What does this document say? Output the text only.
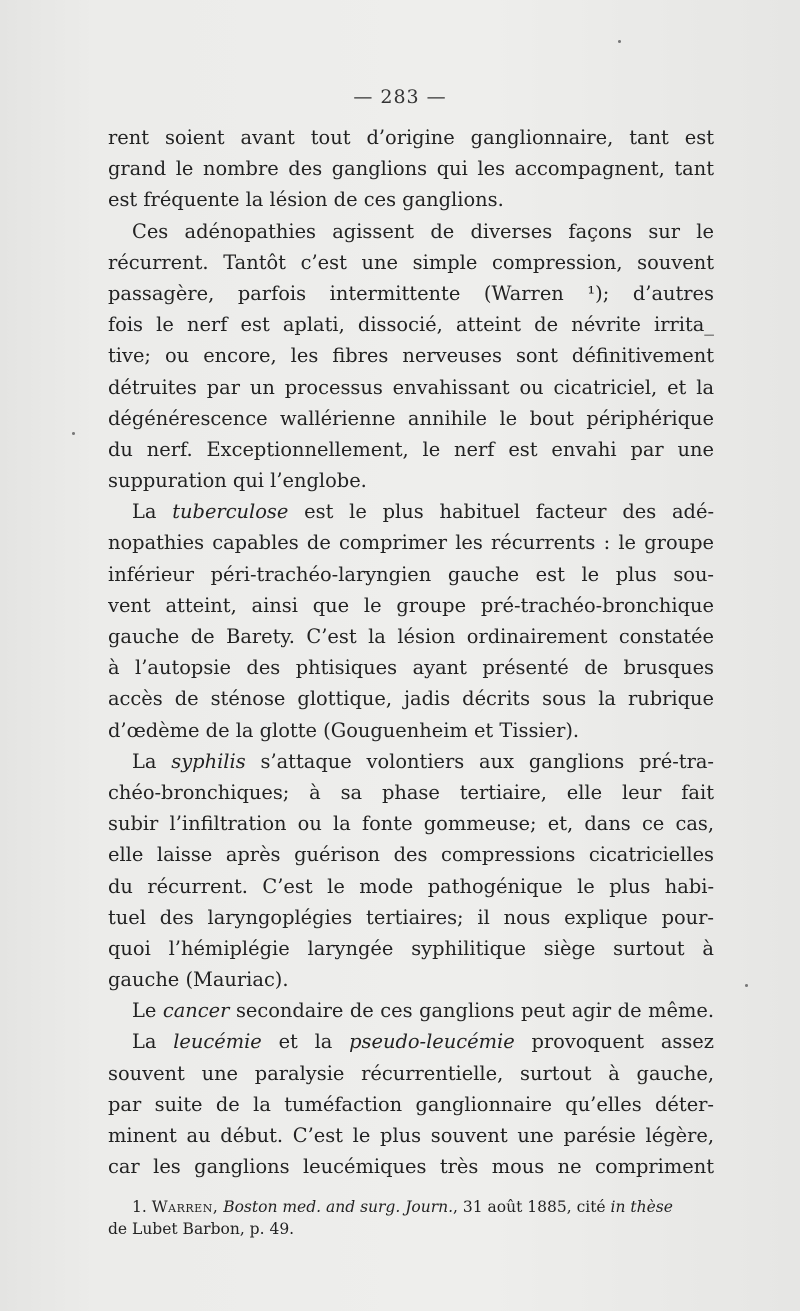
— 283 —
rent soient avant tout d’origine ganglionnaire, tant est
grand le nombre des ganglions qui les accompagnent, tant
est fréquente la lésion de ces ganglions.
Ces adénopathies agissent de diverses façons sur le
récurrent. Tantôt c’est une simple compression, souvent
passagère, parfois intermittente (Warren ¹); d’autres
fois le nerf est aplati, dissocié, atteint de névrite irrita_
tive; ou encore, les fibres nerveuses sont définitivement
détruites par un processus envahissant ou cicatriciel, et la
dégénérescence wallérienne annihile le bout périphérique
du nerf. Exceptionnellement, le nerf est envahi par une
suppuration qui l’englobe.
La tuberculose est le plus habituel facteur des adé-
nopathies capables de comprimer les récurrents : le groupe
inférieur péri-trachéo-laryngien gauche est le plus sou-
vent atteint, ainsi que le groupe pré-trachéo-bronchique
gauche de Barety. C’est la lésion ordinairement constatée
à l’autopsie des phtisiques ayant présenté de brusques
accès de sténose glottique, jadis décrits sous la rubrique
d’œdème de la glotte (Gouguenheim et Tissier).
La syphilis s’attaque volontiers aux ganglions pré-tra-
chéo-bronchiques; à sa phase tertiaire, elle leur fait
subir l’infiltration ou la fonte gommeuse; et, dans ce cas,
elle laisse après guérison des compressions cicatricielles
du récurrent. C’est le mode pathogénique le plus habi-
tuel des laryngoplégies tertiaires; il nous explique pour-
quoi l’hémiplégie laryngée syphilitique siège surtout à
gauche (Mauriac).
Le cancer secondaire de ces ganglions peut agir de même.
La leucémie et la pseudo-leucémie provoquent assez
souvent une paralysie récurrentielle, surtout à gauche,
par suite de la tuméfaction ganglionnaire qu’elles déter-
minent au début. C’est le plus souvent une parésie légère,
car les ganglions leucémiques très mous ne compriment
1. Warren, Boston med. and surg. Journ., 31 août 1885, cité in thèse
de Lubet Barbon, p. 49.
